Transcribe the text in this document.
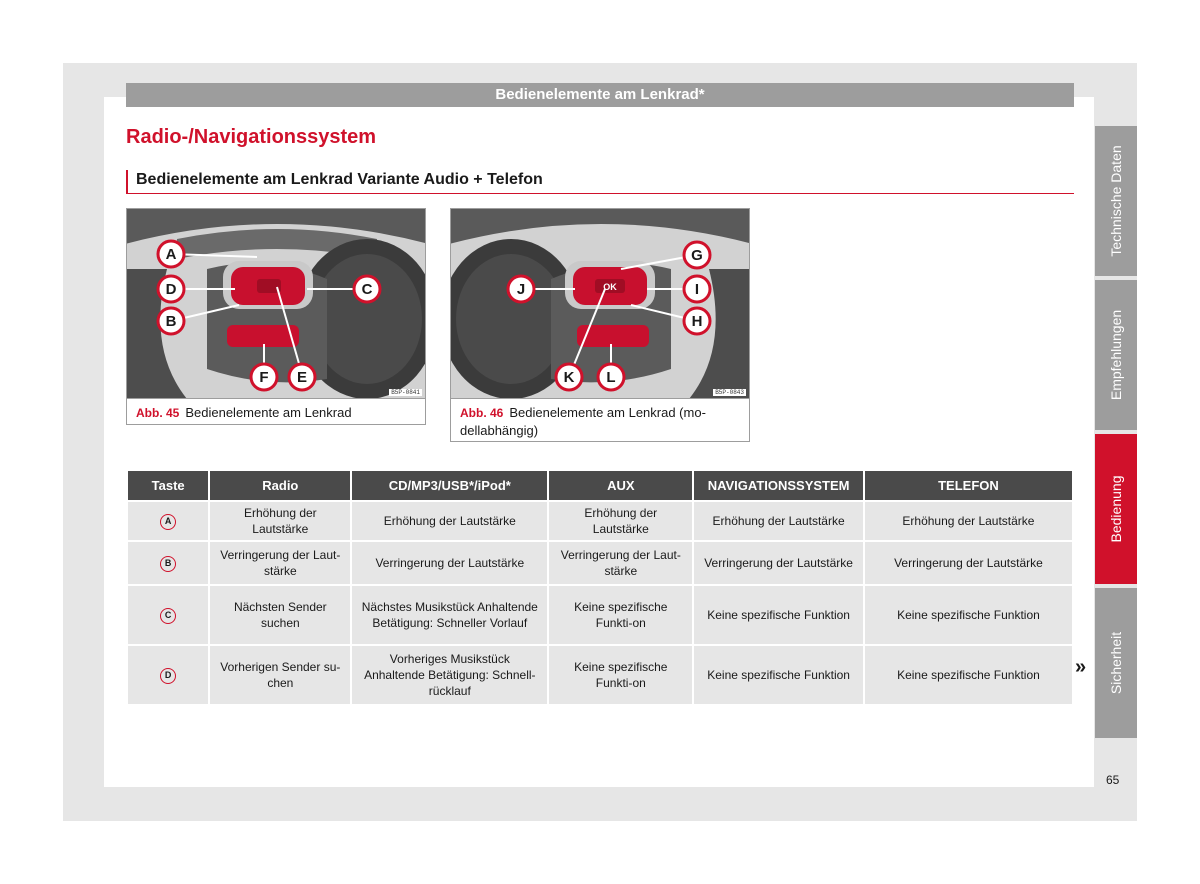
Bedienelemente am Lenkrad*
Radio-/Navigationssystem
Bedienelemente am Lenkrad Variante Audio + Telefon
A
B
C
D
E
F
B5P-0841
Abb. 45 Bedienelemente am Lenkrad
OK
G
H
I
J
K L
B5P-0843
Abb. 46 Bedienelemente am Lenkrad (mo-dellabhängig)
Taste	Radio	CD/MP3/USB*/iPod*	AUX	NAVIGATIONSSYSTEM	TELEFON
A	Erhöhung der Lautstärke	Erhöhung der Lautstärke	Erhöhung der Lautstärke	Erhöhung der Lautstärke	Erhöhung der Lautstärke
B	Verringerung der Laut-stärke	Verringerung der Lautstärke	Verringerung der Laut-stärke	Verringerung der Lautstärke	Verringerung der Lautstärke
C	Nächsten Sender suchen	Nächstes Musikstück Anhaltende Betätigung: Schneller Vorlauf	Keine spezifische Funkti-on	Keine spezifische Funktion	Keine spezifische Funktion
D	Vorherigen Sender su-chen	Vorheriges Musikstück Anhaltende Betätigung: Schnell-rücklauf	Keine spezifische Funkti-on	Keine spezifische Funktion	Keine spezifische Funktion »
Technische Daten
Empfehlungen
Bedienung
Sicherheit
65
